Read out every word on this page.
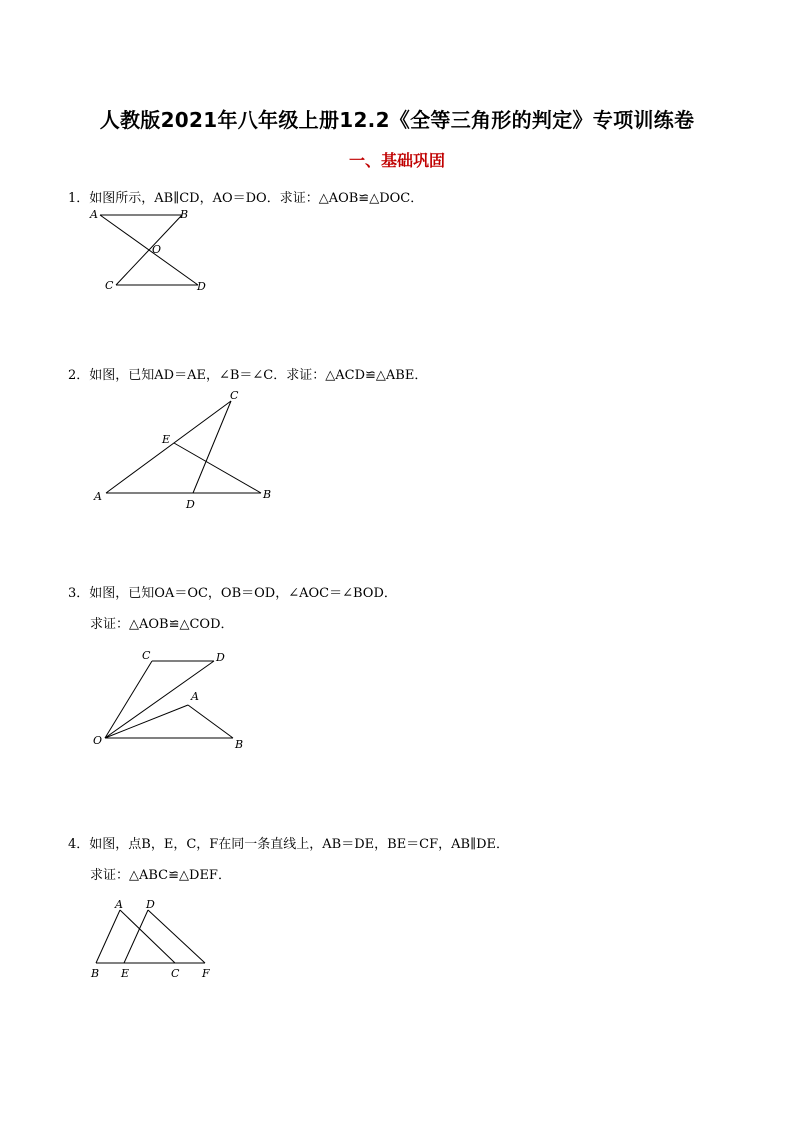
人教版2021年八年级上册12.2《全等三角形的判定》专项训练卷
一、基础巩固
1．如图所示，AB∥CD，AO＝DO．求证：△AOB≌△DOC．
A	B
O
C	D
2．如图，已知AD＝AE，∠B＝∠C．求证：△ACD≌△ABE．
C
E
A
D
B
3．如图，已知OA＝OC，OB＝OD，∠AOC＝∠BOD．
求证：△AOB≌△COD．
C	D
A
O	B
4．如图，点B，E，C，F在同一条直线上，AB＝DE，BE＝CF，AB∥DE．
求证：△ABC≌△DEF．
A D
B E	C F
